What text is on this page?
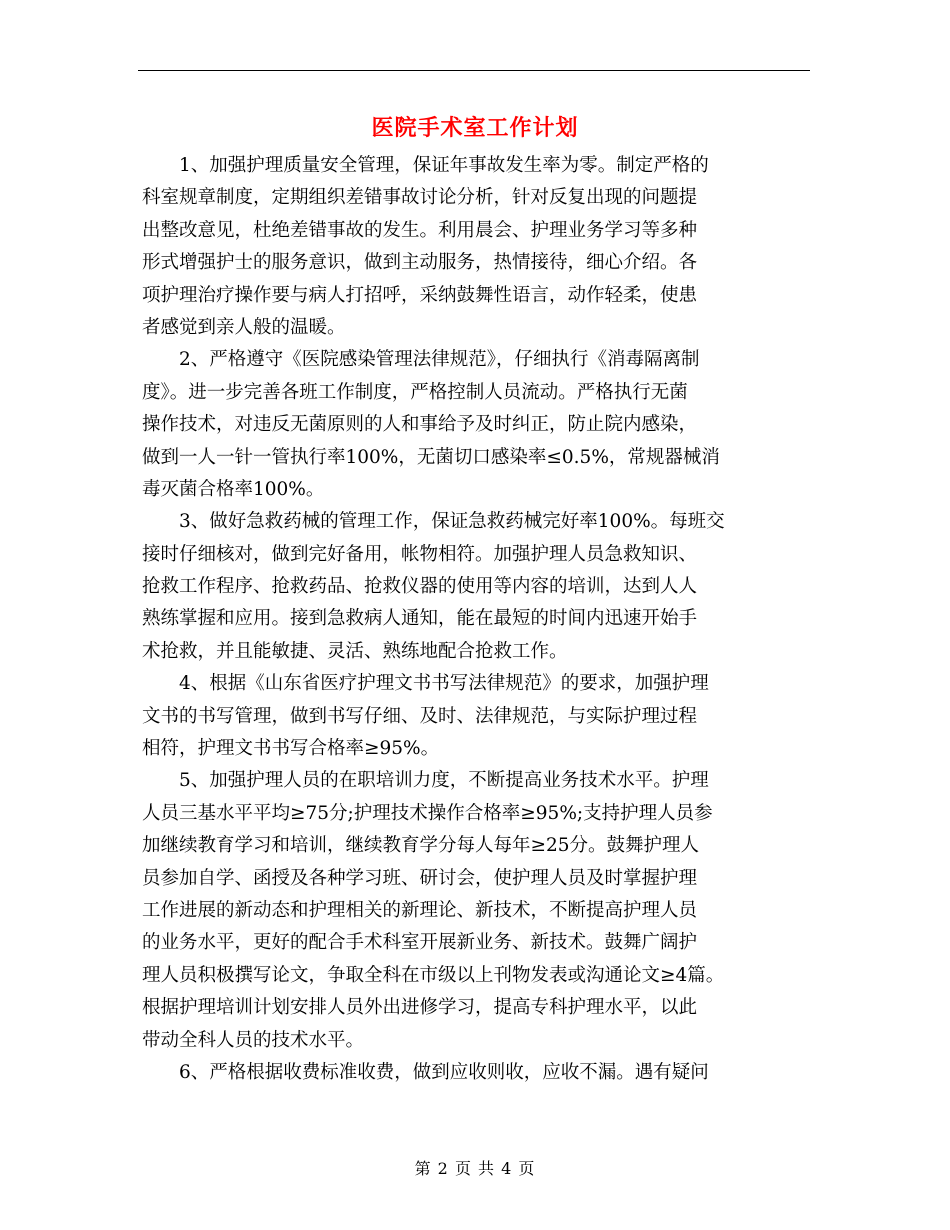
医院手术室工作计划
1、加强护理质量安全管理，保证年事故发生率为零。制定严格的
科室规章制度，定期组织差错事故讨论分析，针对反复出现的问题提
出整改意见，杜绝差错事故的发生。利用晨会、护理业务学习等多种
形式增强护士的服务意识，做到主动服务，热情接待，细心介绍。各
项护理治疗操作要与病人打招呼，采纳鼓舞性语言，动作轻柔，使患
者感觉到亲人般的温暖。
2、严格遵守《医院感染管理法律规范》，仔细执行《消毒隔离制
度》。进一步完善各班工作制度，严格控制人员流动。严格执行无菌
操作技术，对违反无菌原则的人和事给予及时纠正，防止院内感染，
做到一人一针一管执行率100%，无菌切口感染率≤0.5%，常规器械消
毒灭菌合格率100%。
3、做好急救药械的管理工作，保证急救药械完好率100%。每班交
接时仔细核对，做到完好备用，帐物相符。加强护理人员急救知识、
抢救工作程序、抢救药品、抢救仪器的使用等内容的培训，达到人人
熟练掌握和应用。接到急救病人通知，能在最短的时间内迅速开始手
术抢救，并且能敏捷、灵活、熟练地配合抢救工作。
4、根据《山东省医疗护理文书书写法律规范》的要求，加强护理
文书的书写管理，做到书写仔细、及时、法律规范，与实际护理过程
相符，护理文书书写合格率≥95%。
5、加强护理人员的在职培训力度，不断提高业务技术水平。护理
人员三基水平平均≥75分;护理技术操作合格率≥95%;支持护理人员参
加继续教育学习和培训，继续教育学分每人每年≥25分。鼓舞护理人
员参加自学、函授及各种学习班、研讨会，使护理人员及时掌握护理
工作进展的新动态和护理相关的新理论、新技术，不断提高护理人员
的业务水平，更好的配合手术科室开展新业务、新技术。鼓舞广阔护
理人员积极撰写论文，争取全科在市级以上刊物发表或沟通论文≥4篇。
根据护理培训计划安排人员外出进修学习，提高专科护理水平，以此
带动全科人员的技术水平。
6、严格根据收费标准收费，做到应收则收，应收不漏。遇有疑问
第 2 页 共 4 页
